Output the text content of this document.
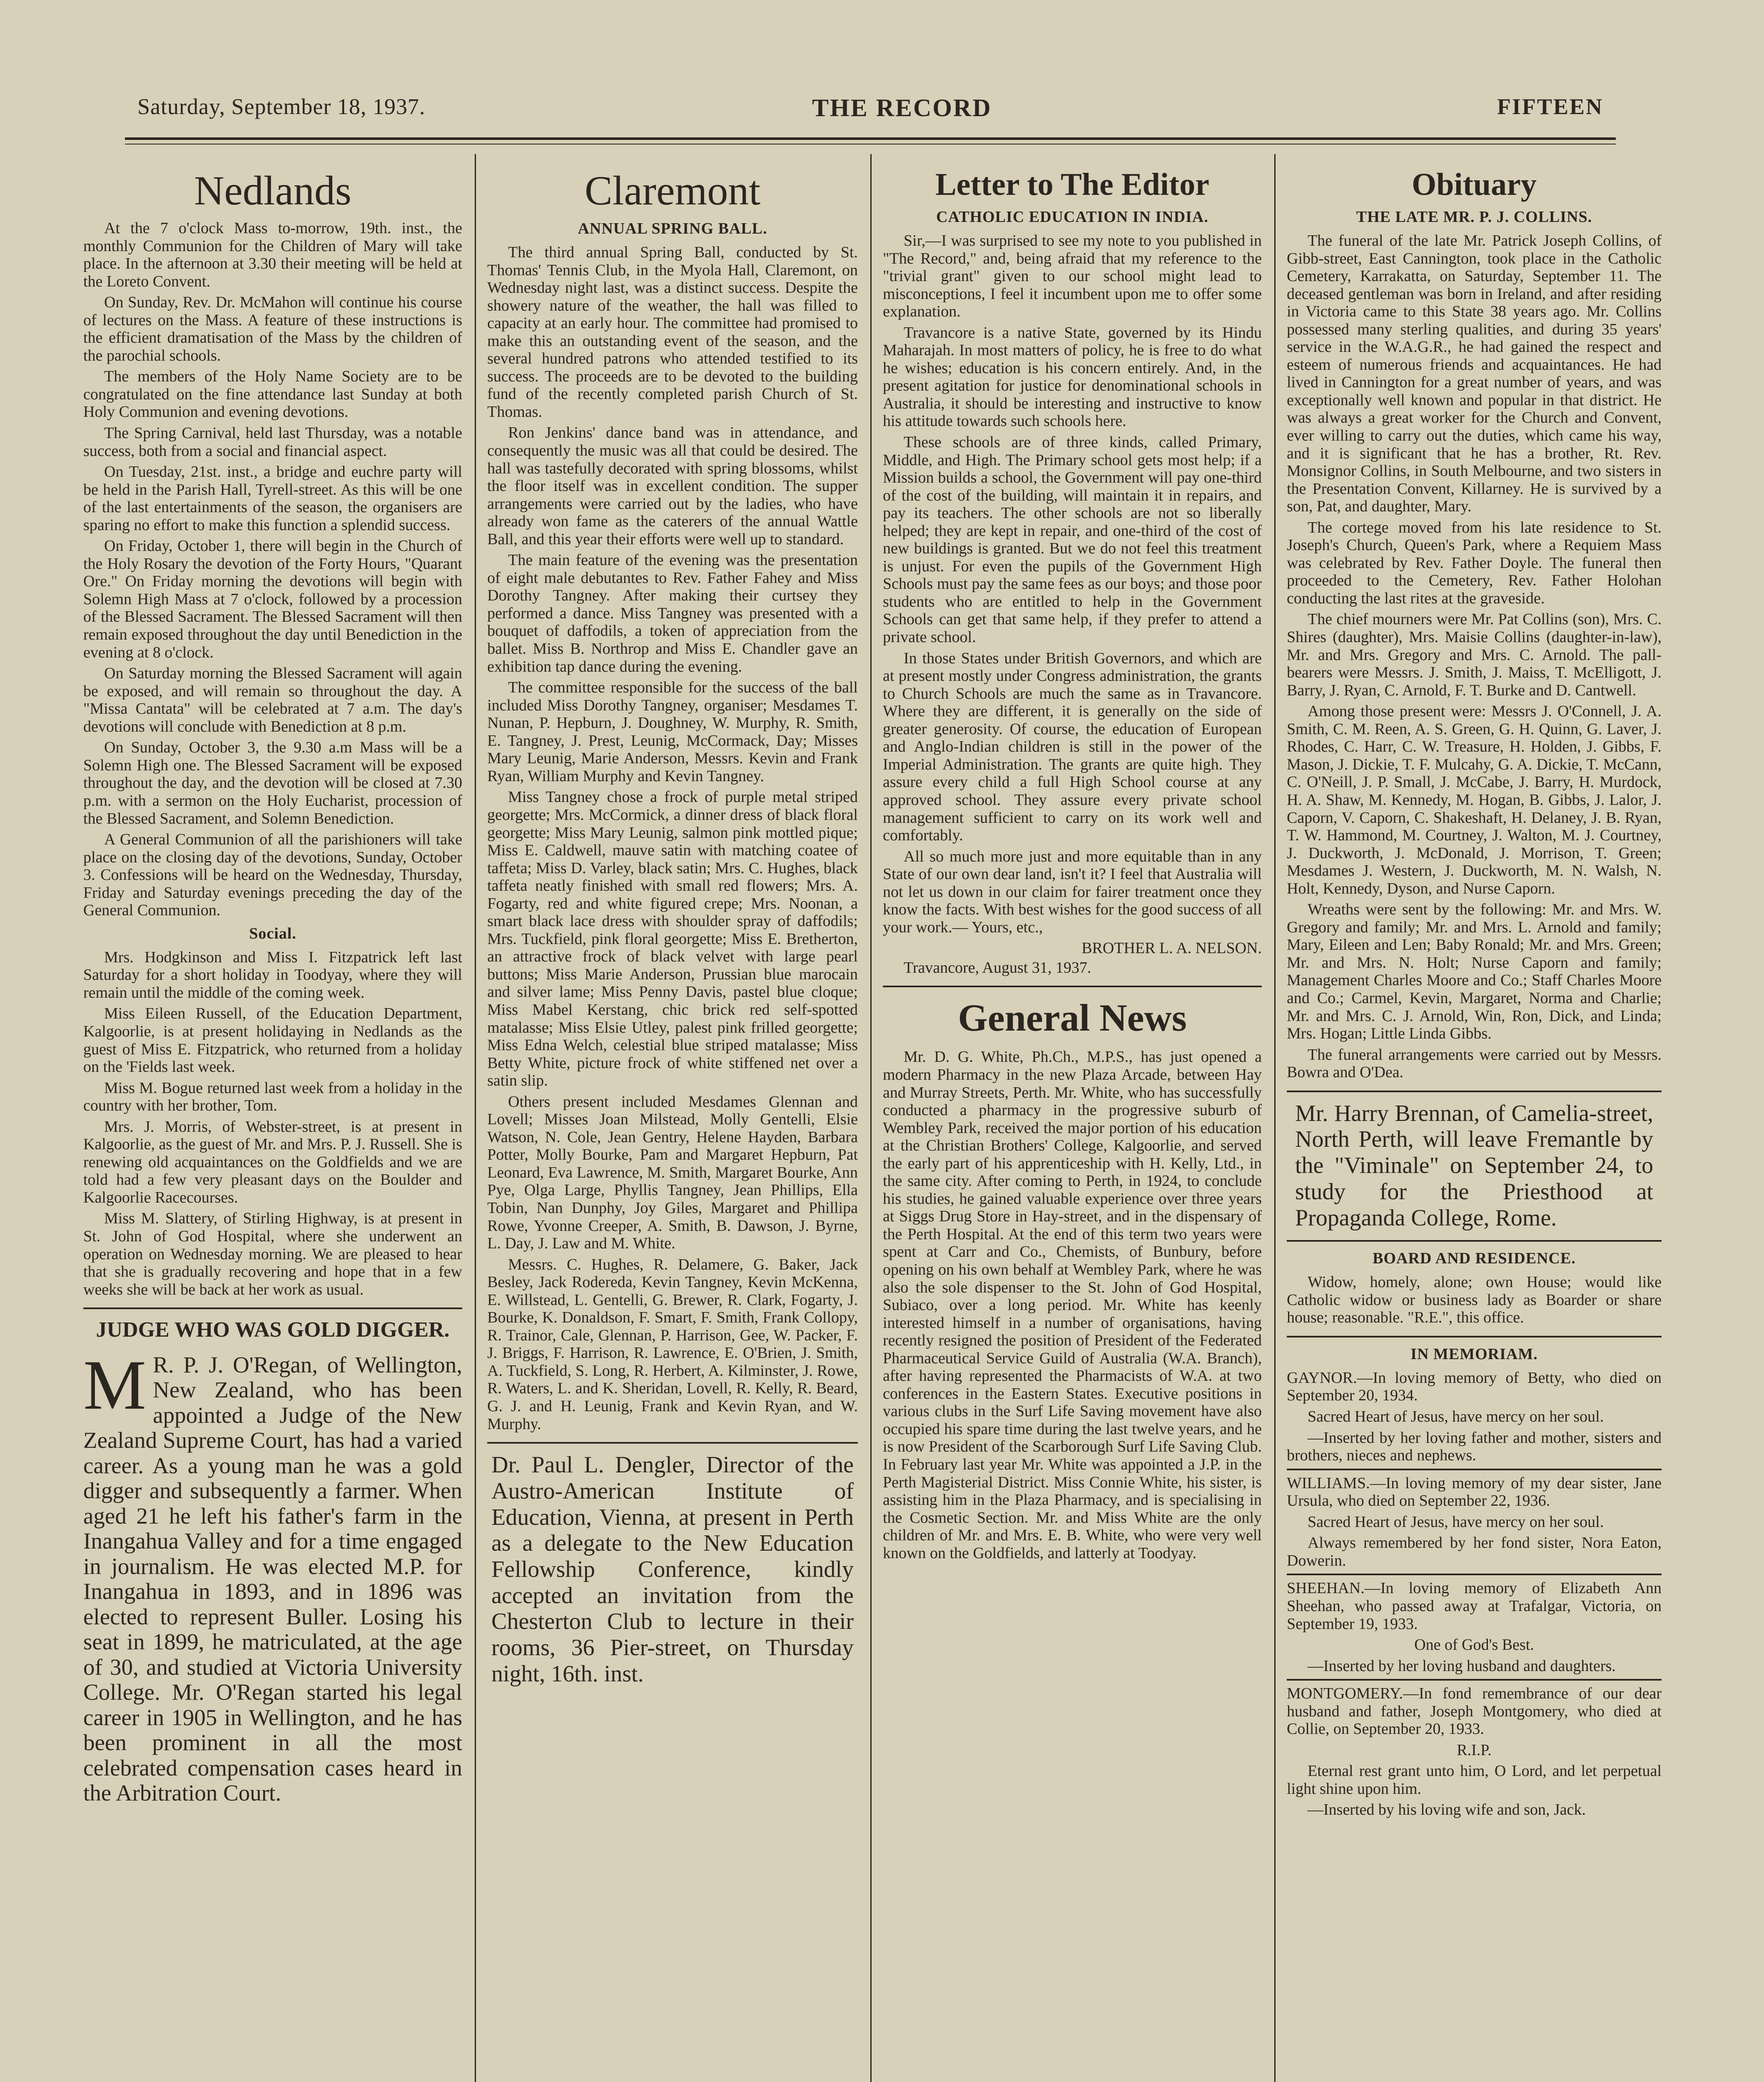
Saturday, September 18, 1937.	THE RECORD	FIFTEEN
Nedlands

At the 7 o'clock Mass to-morrow, 19th. inst., the monthly Communion for the Children of Mary will take place. In the afternoon at 3.30 their meeting will be held at the Loreto Convent.

On Sunday, Rev. Dr. McMahon will continue his course of lectures on the Mass. A feature of these instructions is the efficient dramatisation of the Mass by the children of the parochial schools.

The members of the Holy Name Society are to be congratulated on the fine attendance last Sunday at both Holy Communion and evening devotions.

The Spring Carnival, held last Thursday, was a notable success, both from a social and financial aspect.

On Tuesday, 21st. inst., a bridge and euchre party will be held in the Parish Hall, Tyrell-street. As this will be one of the last entertainments of the season, the organisers are sparing no effort to make this function a splendid success.

On Friday, October 1, there will begin in the Church of the Holy Rosary the devotion of the Forty Hours, "Quarant Ore." On Friday morning the devotions will begin with Solemn High Mass at 7 o'clock, followed by a procession of the Blessed Sacrament. The Blessed Sacrament will then remain exposed throughout the day until Benediction in the evening at 8 o'clock.

On Saturday morning the Blessed Sacrament will again be exposed, and will remain so throughout the day. A "Missa Cantata" will be celebrated at 7 a.m. The day's devotions will conclude with Benediction at 8 p.m.

On Sunday, October 3, the 9.30 a.m Mass will be a Solemn High one. The Blessed Sacrament will be exposed throughout the day, and the devotion will be closed at 7.30 p.m. with a sermon on the Holy Eucharist, procession of the Blessed Sacrament, and Solemn Benediction.

A General Communion of all the parishioners will take place on the closing day of the devotions, Sunday, October 3. Confessions will be heard on the Wednesday, Thursday, Friday and Saturday evenings preceding the day of the General Communion.

Social.

Mrs. Hodgkinson and Miss I. Fitzpatrick left last Saturday for a short holiday in Toodyay, where they will remain until the middle of the coming week.

Miss Eileen Russell, of the Education Department, Kalgoorlie, is at present holidaying in Nedlands as the guest of Miss E. Fitzpatrick, who returned from a holiday on the 'Fields last week.

Miss M. Bogue returned last week from a holiday in the country with her brother, Tom.

Mrs. J. Morris, of Webster-street, is at present in Kalgoorlie, as the guest of Mr. and Mrs. P. J. Russell. She is renewing old acquaintances on the Goldfields and we are told had a few very pleasant days on the Boulder and Kalgoorlie Racecourses.

Miss M. Slattery, of Stirling Highway, is at present in St. John of God Hospital, where she underwent an operation on Wednesday morning. We are pleased to hear that she is gradually recovering and hope that in a few weeks she will be back at her work as usual.

JUDGE WHO WAS GOLD DIGGER.
M R. P. J. O'Regan, of Wellington, New Zealand, who has been appointed a Judge of the New Zealand Supreme Court, has had a varied career. As a young man he was a gold digger and subsequently a farmer. When aged 21 he left his father's farm in the Inangahua Valley and for a time engaged in journalism. He was elected M.P. for Inangahua in 1893, and in 1896 was elected to represent Buller. Losing his seat in 1899, he matriculated, at the age of 30, and studied at Victoria University College. Mr. O'Regan started his legal career in 1905 in Wellington, and he has been prominent in all the most celebrated compensation cases heard in the Arbitration Court.

Claremont
ANNUAL SPRING BALL.

The third annual Spring Ball, conducted by St. Thomas' Tennis Club, in the Myola Hall, Claremont, on Wednesday night last, was a distinct success. Despite the showery nature of the weather, the hall was filled to capacity at an early hour. The committee had promised to make this an outstanding event of the season, and the several hundred patrons who attended testified to its success. The proceeds are to be devoted to the building fund of the recently completed parish Church of St. Thomas.

Ron Jenkins' dance band was in attendance, and consequently the music was all that could be desired. The hall was tastefully decorated with spring blossoms, whilst the floor itself was in excellent condition. The supper arrangements were carried out by the ladies, who have already won fame as the caterers of the annual Wattle Ball, and this year their efforts were well up to standard.

The main feature of the evening was the presentation of eight male debutantes to Rev. Father Fahey and Miss Dorothy Tangney. After making their curtsey they performed a dance. Miss Tangney was presented with a bouquet of daffodils, a token of appreciation from the ballet. Miss B. Northrop and Miss E. Chandler gave an exhibition tap dance during the evening.

The committee responsible for the success of the ball included Miss Dorothy Tangney, organiser; Mesdames T. Nunan, P. Hepburn, J. Doughney, W. Murphy, R. Smith, E. Tangney, J. Prest, Leunig, McCormack, Day; Misses Mary Leunig, Marie Anderson, Messrs. Kevin and Frank Ryan, William Murphy and Kevin Tangney.

Miss Tangney chose a frock of purple metal striped georgette; Mrs. McCormick, a dinner dress of black floral georgette; Miss Mary Leunig, salmon pink mottled pique; Miss E. Caldwell, mauve satin with matching coatee of taffeta; Miss D. Varley, black satin; Mrs. C. Hughes, black taffeta neatly finished with small red flowers; Mrs. A. Fogarty, red and white figured crepe; Mrs. Noonan, a smart black lace dress with shoulder spray of daffodils; Mrs. Tuckfield, pink floral georgette; Miss E. Bretherton, an attractive frock of black velvet with large pearl buttons; Miss Marie Anderson, Prussian blue marocain and silver lame; Miss Penny Davis, pastel blue cloque; Miss Mabel Kerstang, chic brick red self-spotted matalasse; Miss Elsie Utley, palest pink frilled georgette; Miss Edna Welch, celestial blue striped matalasse; Miss Betty White, picture frock of white stiffened net over a satin slip.

Others present included Mesdames Glennan and Lovell; Misses Joan Milstead, Molly Gentelli, Elsie Watson, N. Cole, Jean Gentry, Helene Hayden, Barbara Potter, Molly Bourke, Pam and Margaret Hepburn, Pat Leonard, Eva Lawrence, M. Smith, Margaret Bourke, Ann Pye, Olga Large, Phyllis Tangney, Jean Phillips, Ella Tobin, Nan Dunphy, Joy Giles, Margaret and Phillipa Rowe, Yvonne Creeper, A. Smith, B. Dawson, J. Byrne, L. Day, J. Law and M. White.

Messrs. C. Hughes, R. Delamere, G. Baker, Jack Besley, Jack Rodereda, Kevin Tangney, Kevin McKenna, E. Willstead, L. Gentelli, G. Brewer, R. Clark, Fogarty, J. Bourke, K. Donaldson, F. Smart, F. Smith, Frank Collopy, R. Trainor, Cale, Glennan, P. Harrison, Gee, W. Packer, F. J. Briggs, F. Harrison, R. Lawrence, E. O'Brien, J. Smith, A. Tuckfield, S. Long, R. Herbert, A. Kilminster, J. Rowe, R. Waters, L. and K. Sheridan, Lovell, R. Kelly, R. Beard, G. J. and H. Leunig, Frank and Kevin Ryan, and W. Murphy.

Dr. Paul L. Dengler, Director of the Austro-American Institute of Education, Vienna, at present in Perth as a delegate to the New Education Fellowship Conference, kindly accepted an invitation from the Chesterton Club to lecture in their rooms, 36 Pier-street, on Thursday night, 16th. inst.

Letter to The Editor
CATHOLIC EDUCATION IN INDIA.

Sir,—I was surprised to see my note to you published in "The Record," and, being afraid that my reference to the "trivial grant" given to our school might lead to misconceptions, I feel it incumbent upon me to offer some explanation.

Travancore is a native State, governed by its Hindu Maharajah. In most matters of policy, he is free to do what he wishes; education is his concern entirely. And, in the present agitation for justice for denominational schools in Australia, it should be interesting and instructive to know his attitude towards such schools here.

These schools are of three kinds, called Primary, Middle, and High. The Primary school gets most help; if a Mission builds a school, the Government will pay one-third of the cost of the building, will maintain it in repairs, and pay its teachers. The other schools are not so liberally helped; they are kept in repair, and one-third of the cost of new buildings is granted. But we do not feel this treatment is unjust. For even the pupils of the Government High Schools must pay the same fees as our boys; and those poor students who are entitled to help in the Government Schools can get that same help, if they prefer to attend a private school.

In those States under British Governors, and which are at present mostly under Congress administration, the grants to Church Schools are much the same as in Travancore. Where they are different, it is generally on the side of greater generosity. Of course, the education of European and Anglo-Indian children is still in the power of the Imperial Administration. The grants are quite high. They assure every child a full High School course at any approved school. They assure every private school management sufficient to carry on its work well and comfortably.

All so much more just and more equitable than in any State of our own dear land, isn't it? I feel that Australia will not let us down in our claim for fairer treatment once they know the facts. With best wishes for the good success of all your work.— Yours, etc.,

BROTHER L. A. NELSON.

Travancore, August 31, 1937.

General News

Mr. D. G. White, Ph.Ch., M.P.S., has just opened a modern Pharmacy in the new Plaza Arcade, between Hay and Murray Streets, Perth. Mr. White, who has successfully conducted a pharmacy in the progressive suburb of Wembley Park, received the major portion of his education at the Christian Brothers' College, Kalgoorlie, and served the early part of his apprenticeship with H. Kelly, Ltd., in the same city. After coming to Perth, in 1924, to conclude his studies, he gained valuable experience over three years at Siggs Drug Store in Hay-street, and in the dispensary of the Perth Hospital. At the end of this term two years were spent at Carr and Co., Chemists, of Bunbury, before opening on his own behalf at Wembley Park, where he was also the sole dispenser to the St. John of God Hospital, Subiaco, over a long period. Mr. White has keenly interested himself in a number of organisations, having recently resigned the position of President of the Federated Pharmaceutical Service Guild of Australia (W.A. Branch), after having represented the Pharmacists of W.A. at two conferences in the Eastern States. Executive positions in various clubs in the Surf Life Saving movement have also occupied his spare time during the last twelve years, and he is now President of the Scarborough Surf Life Saving Club. In February last year Mr. White was appointed a J.P. in the Perth Magisterial District. Miss Connie White, his sister, is assisting him in the Plaza Pharmacy, and is specialising in the Cosmetic Section. Mr. and Miss White are the only children of Mr. and Mrs. E. B. White, who were very well known on the Goldfields, and latterly at Toodyay.

Obituary
THE LATE MR. P. J. COLLINS.

The funeral of the late Mr. Patrick Joseph Collins, of Gibb-street, East Cannington, took place in the Catholic Cemetery, Karrakatta, on Saturday, September 11. The deceased gentleman was born in Ireland, and after residing in Victoria came to this State 38 years ago. Mr. Collins possessed many sterling qualities, and during 35 years' service in the W.A.G.R., he had gained the respect and esteem of numerous friends and acquaintances. He had lived in Cannington for a great number of years, and was exceptionally well known and popular in that district. He was always a great worker for the Church and Convent, ever willing to carry out the duties, which came his way, and it is significant that he has a brother, Rt. Rev. Monsignor Collins, in South Melbourne, and two sisters in the Presentation Convent, Killarney. He is survived by a son, Pat, and daughter, Mary.

The cortege moved from his late residence to St. Joseph's Church, Queen's Park, where a Requiem Mass was celebrated by Rev. Father Doyle. The funeral then proceeded to the Cemetery, Rev. Father Holohan conducting the last rites at the graveside.

The chief mourners were Mr. Pat Collins (son), Mrs. C. Shires (daughter), Mrs. Maisie Collins (daughter-in-law), Mr. and Mrs. Gregory and Mrs. C. Arnold. The pall-bearers were Messrs. J. Smith, J. Maiss, T. McElligott, J. Barry, J. Ryan, C. Arnold, F. T. Burke and D. Cantwell.

Among those present were: Messrs J. O'Connell, J. A. Smith, C. M. Reen, A. S. Green, G. H. Quinn, G. Laver, J. Rhodes, C. Harr, C. W. Treasure, H. Holden, J. Gibbs, F. Mason, J. Dickie, T. F. Mulcahy, G. A. Dickie, T. McCann, C. O'Neill, J. P. Small, J. McCabe, J. Barry, H. Murdock, H. A. Shaw, M. Kennedy, M. Hogan, B. Gibbs, J. Lalor, J. Caporn, V. Caporn, C. Shakeshaft, H. Delaney, J. B. Ryan, T. W. Hammond, M. Courtney, J. Walton, M. J. Courtney, J. Duckworth, J. McDonald, J. Morrison, T. Green; Mesdames J. Western, J. Duckworth, M. N. Walsh, N. Holt, Kennedy, Dyson, and Nurse Caporn.

Wreaths were sent by the following: Mr. and Mrs. W. Gregory and family; Mr. and Mrs. L. Arnold and family; Mary, Eileen and Len; Baby Ronald; Mr. and Mrs. Green; Mr. and Mrs. N. Holt; Nurse Caporn and family; Management Charles Moore and Co.; Staff Charles Moore and Co.; Carmel, Kevin, Margaret, Norma and Charlie; Mr. and Mrs. C. J. Arnold, Win, Ron, Dick, and Linda; Mrs. Hogan; Little Linda Gibbs.

The funeral arrangements were carried out by Messrs. Bowra and O'Dea.

Mr. Harry Brennan, of Camelia-street, North Perth, will leave Fremantle by the "Viminale" on September 24, to study for the Priesthood at Propaganda College, Rome.

BOARD AND RESIDENCE.

Widow, homely, alone; own House; would like Catholic widow or business lady as Boarder or share house; reasonable. "R.E.", this office.

IN MEMORIAM.

GAYNOR.—In loving memory of Betty, who died on September 20, 1934.

Sacred Heart of Jesus, have mercy on her soul.

—Inserted by her loving father and mother, sisters and brothers, nieces and nephews.

WILLIAMS.—In loving memory of my dear sister, Jane Ursula, who died on September 22, 1936.

Sacred Heart of Jesus, have mercy on her soul.

Always remembered by her fond sister, Nora Eaton, Dowerin.

SHEEHAN.—In loving memory of Elizabeth Ann Sheehan, who passed away at Trafalgar, Victoria, on September 19, 1933.

One of God's Best.

—Inserted by her loving husband and daughters.

MONTGOMERY.—In fond remembrance of our dear husband and father, Joseph Montgomery, who died at Collie, on September 20, 1933.

R.I.P.

Eternal rest grant unto him, O Lord, and let perpetual light shine upon him.

—Inserted by his loving wife and son, Jack.
